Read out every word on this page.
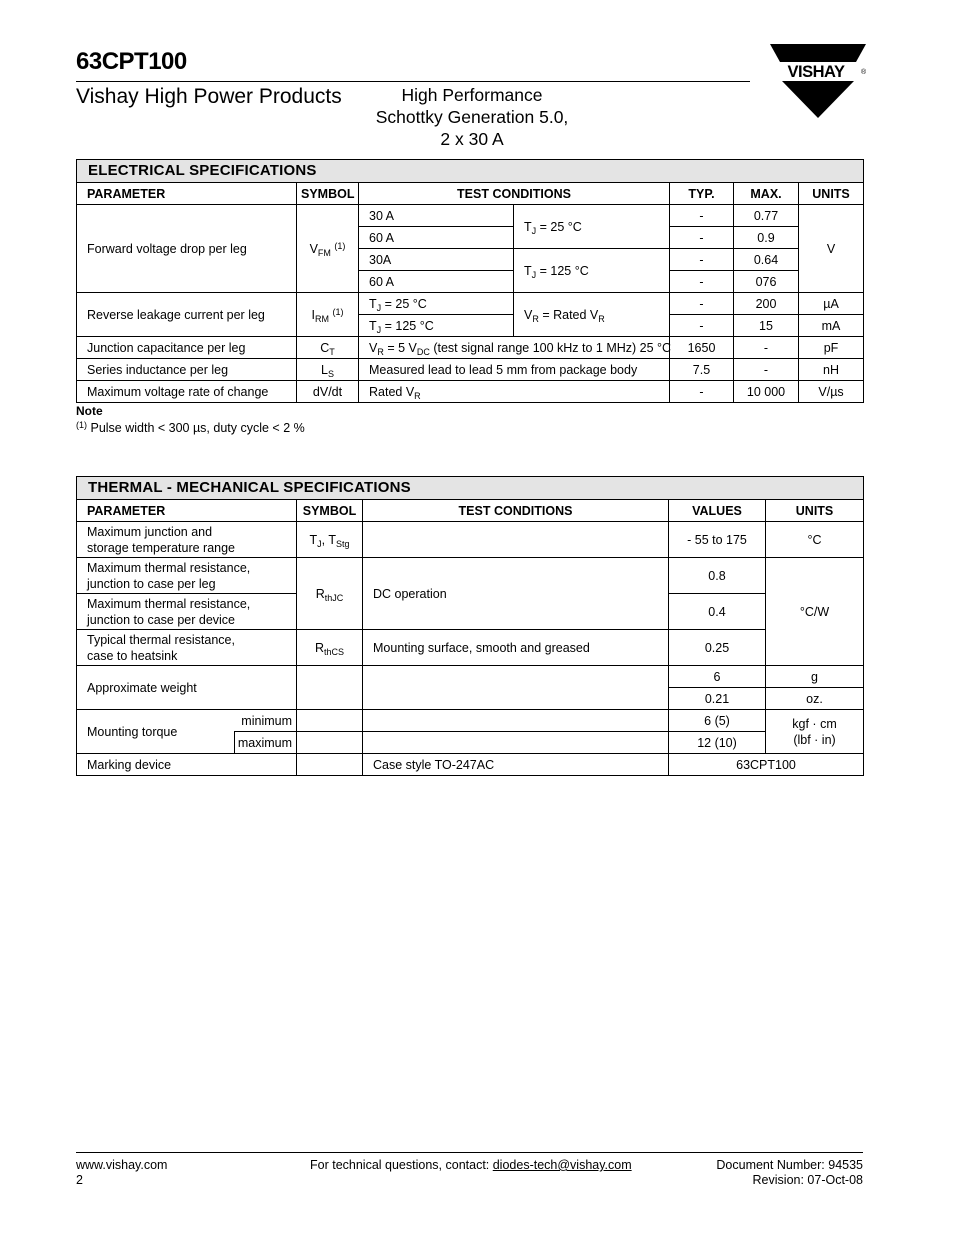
63CPT100
Vishay High Power Products	High Performance
Schottky Generation 5.0,
2 x 30 A
VISHAY ®
ELECTRICAL SPECIFICATIONS						
PARAMETER	SYMBOL	TEST CONDITIONS		TYP.	MAX.	UNITS
Forward voltage drop per leg	$V_{FM}$ $^{(1)}$	30 A	$T_J = 25$ °C	-	0.77	V
		60 A		-	0.9	
		30A	$T_J = 125$ °C	-	0.64	
		60 A		-	076	
Reverse leakage current per leg	$I_{RM}$ $^{(1)}$	$T_J = 25$ °C	$V_R$ = Rated $V_R$	-	200	µA
		$T_J = 125$ °C		-	15	mA
Junction capacitance per leg	$C_T$	$V_R = 5$ $V_{DC}$ (test signal range 100 kHz to 1 MHz) 25 °C		1650	-	pF
Series inductance per leg	$L_S$	Measured lead to lead 5 mm from package body		7.5	-	nH
Maximum voltage rate of change	dV/dt	Rated $V_R$		-	10 000	V/µs
Note
$^{(1)}$ Pulse width < 300 µs, duty cycle < 2 %
THERMAL - MECHANICAL SPECIFICATIONS					
PARAMETER		SYMBOL	TEST CONDITIONS	VALUES	UNITS

Maximum junction and
storage temperature range		$T_J$, $T_{Stg}$		- 55 to 175	°C

Maximum thermal resistance,
junction to case per leg		$R_{thJC}$	DC operation	0.8	°C/W

Maximum thermal resistance,
junction to case per device				0.4	

Typical thermal resistance,
case to heatsink		$R_{thCS}$	Mounting surface, smooth and greased	0.25	
Approximate weight				6	g
				0.21	oz.
Mounting torque	minimum			6 (5)	kgf · cm
(lbf · in)

	maximum			12 (10)	
Marking device			Case style TO-247AC	63CPT100	
www.vishay.com
2
For technical questions, contact: diodes-tech@vishay.com	Document Number: 94535
Revision: 07-Oct-08
